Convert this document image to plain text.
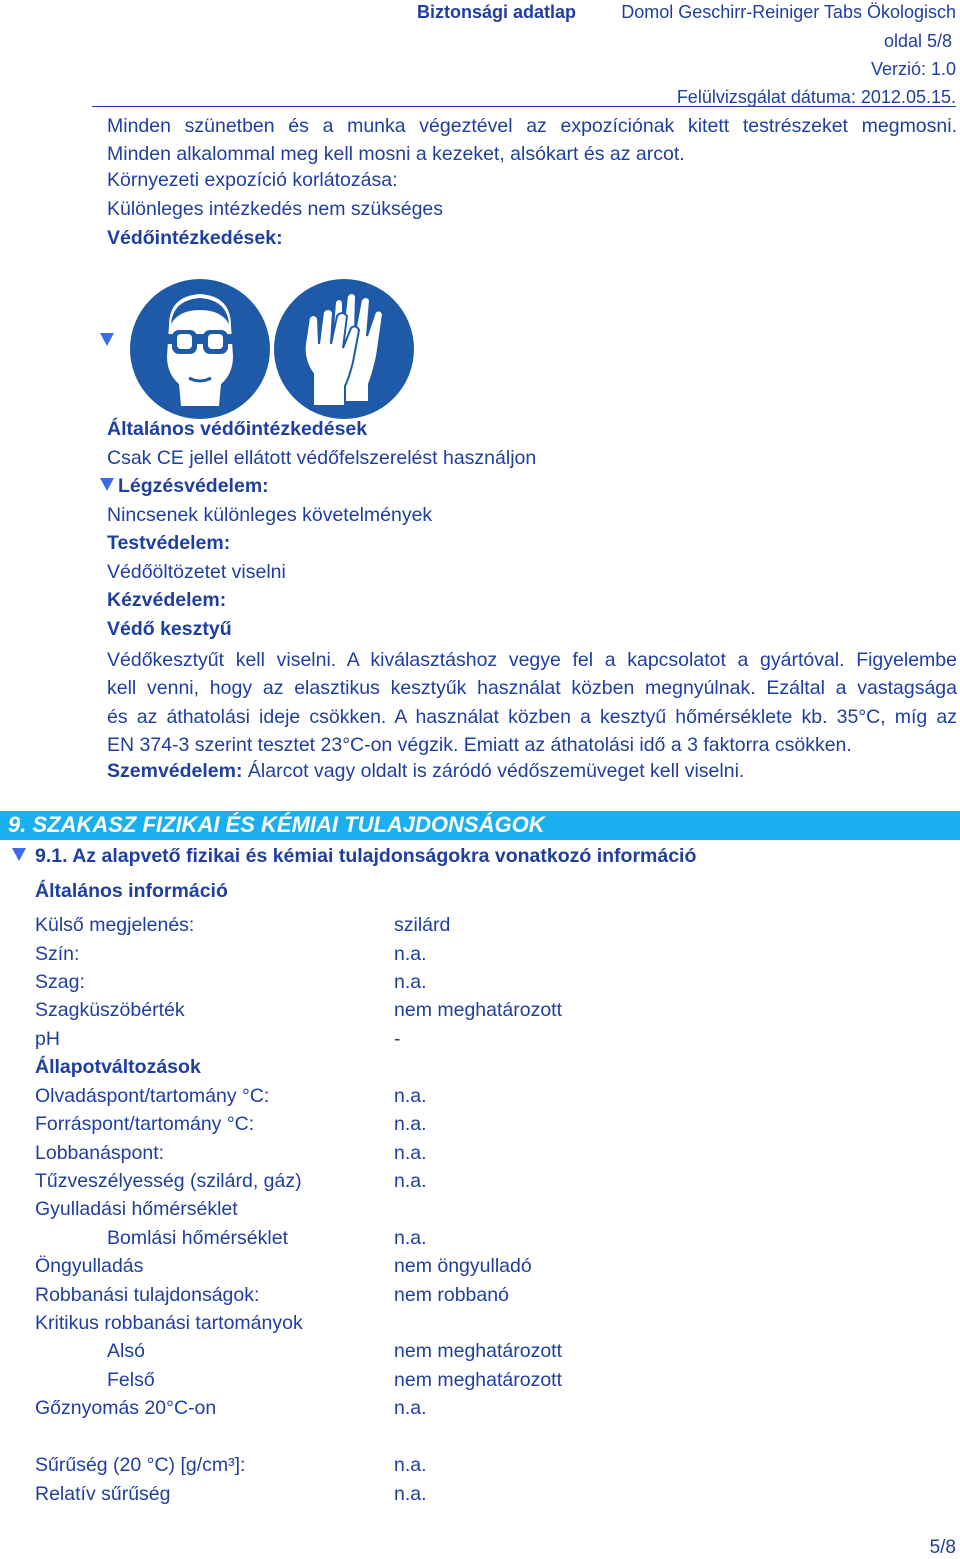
Biztonsági adatlap	Domol Geschirr-Reiniger Tabs Ökologisch
oldal 5/8
Verzió: 1.0
Felülvizsgálat dátuma: 2012.05.15.
Minden szünetben és a munka végeztével az expozíciónak kitett testrészeket megmosni.
Minden alkalommal meg kell mosni a kezeket, alsókart és az arcot.
Környezeti expozíció korlátozása:
Különleges intézkedés nem szükséges
Védőintézkedések:
Általános védőintézkedések
Csak CE jellel ellátott védőfelszerelést használjon
Légzésvédelem:
Nincsenek különleges követelmények
Testvédelem:
Védőöltözetet viselni
Kézvédelem:
Védő kesztyű
Védőkesztyűt kell viselni. A kiválasztáshoz vegye fel a kapcsolatot a gyártóval. Figyelembe
kell venni, hogy az elasztikus kesztyűk használat közben megnyúlnak. Ezáltal a vastagsága
és az áthatolási ideje csökken. A használat közben a kesztyű hőmérséklete kb. 35°C, míg az
EN 374-3 szerint tesztet 23°C-on végzik. Emiatt az áthatolási idő a 3 faktorra csökken.
Szemvédelem: Álarcot vagy oldalt is záródó védőszemüveget kell viselni.
9. SZAKASZ FIZIKAI ÉS KÉMIAI TULAJDONSÁGOK
9.1. Az alapvető fizikai és kémiai tulajdonságokra vonatkozó információ
Általános információ
Külső megjelenés:	szilárd
Szín:	n.a.
Szag:	n.a.
Szagküszöbérték	nem meghatározott
pH	-
Állapotváltozások
Olvadáspont/tartomány °C:	n.a.
Forráspont/tartomány °C:	n.a.
Lobbanáspont:	n.a.
Tűzveszélyesség (szilárd, gáz)	n.a.
Gyulladási hőmérséklet
Bomlási hőmérséklet	n.a.
Öngyulladás	nem öngyulladó
Robbanási tulajdonságok:	nem robbanó
Kritikus robbanási tartományok
Alsó	nem meghatározott
Felső	nem meghatározott
Gőznyomás 20°C-on	n.a.
Sűrűség (20 °C) [g/cm³]:	n.a.
Relatív sűrűség	n.a.
5/8
